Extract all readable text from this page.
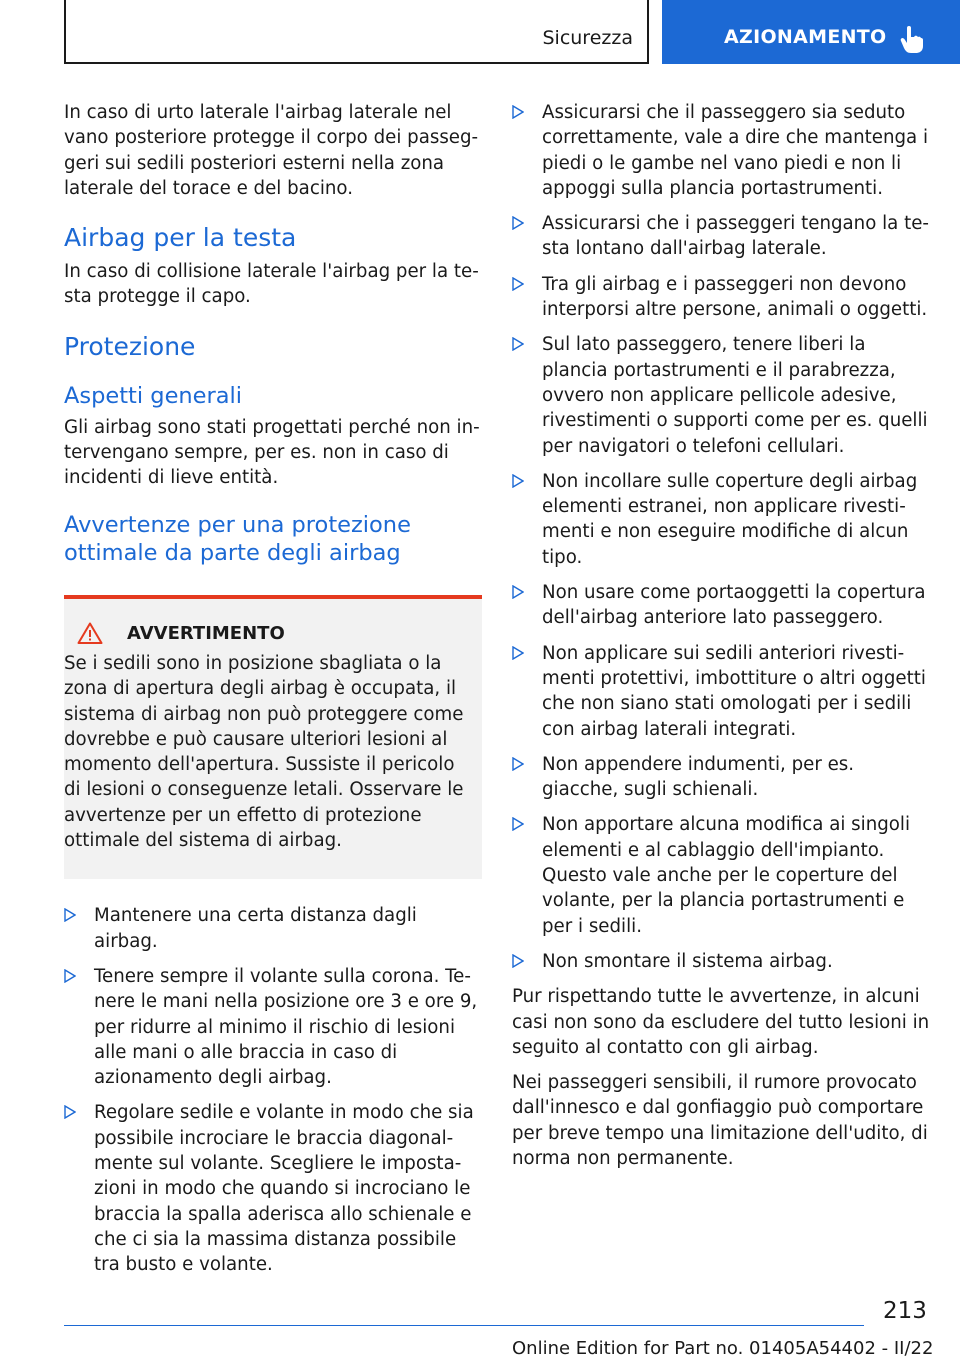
Sicurezza	AZIONAMENTO

In caso di urto laterale l'airbag laterale nel vano posteriore protegge il corpo dei passeggeri sui sedili posteriori esterni nella zona laterale del torace e del bacino.

Airbag per la testa

In caso di collisione laterale l'airbag per la testa protegge il capo.

Protezione
Aspetti generali

Gli airbag sono stati progettati perché non intervengano sempre, per es. non in caso di incidenti di lieve entità.

Avvertenze per una protezione ottimale da parte degli airbag
AVVERTIMENTO

Se i sedili sono in posizione sbagliata o la zona di apertura degli airbag è occupata, il sistema di airbag non può proteggere come dovrebbe e può causare ulteriori lesioni al momento dell'apertura. Sussiste il pericolo di lesioni o conseguenze letali. Osservare le avvertenze per un effetto di protezione ottimale del sistema di airbag.

Mantenere una certa distanza dagli airbag.
Tenere sempre il volante sulla corona. Tenere le mani nella posizione ore 3 e ore 9, per ridurre al minimo il rischio di lesioni alle mani o alle braccia in caso di azionamento degli airbag.
Regolare sedile e volante in modo che sia possibile incrociare le braccia diagonalmente sul volante. Scegliere le impostazioni in modo che quando si incrociano le braccia la spalla aderisca allo schienale e che ci sia la massima distanza possibile tra busto e volante.
Assicurarsi che il passeggero sia seduto correttamente, vale a dire che mantenga i piedi o le gambe nel vano piedi e non li appoggi sulla plancia portastrumenti.
Assicurarsi che i passeggeri tengano la testa lontano dall'airbag laterale.
Tra gli airbag e i passeggeri non devono interporsi altre persone, animali o oggetti.
Sul lato passeggero, tenere liberi la plancia portastrumenti e il parabrezza, ovvero non applicare pellicole adesive, rivestimenti o supporti come per es. quelli per navigatori o telefoni cellulari.
Non incollare sulle coperture degli airbag elementi estranei, non applicare rivestimenti e non eseguire modifiche di alcun tipo.
Non usare come portaoggetti la copertura dell'airbag anteriore lato passeggero.
Non applicare sui sedili anteriori rivestimenti protettivi, imbottiture o altri oggetti che non siano stati omologati per i sedili con airbag laterali integrati.
Non appendere indumenti, per es. giacche, sugli schienali.
Non apportare alcuna modifica ai singoli elementi e al cablaggio dell'impianto. Questo vale anche per le coperture del volante, per la plancia portastrumenti e per i sedili.
Non smontare il sistema airbag.

Pur rispettando tutte le avvertenze, in alcuni casi non sono da escludere del tutto lesioni in seguito al contatto con gli airbag.

Nei passeggeri sensibili, il rumore provocato dall'innesco e dal gonfiaggio può comportare per breve tempo una limitazione dell'udito, di norma non permanente.

213
Online Edition for Part no. 01405A54402 - II/22
